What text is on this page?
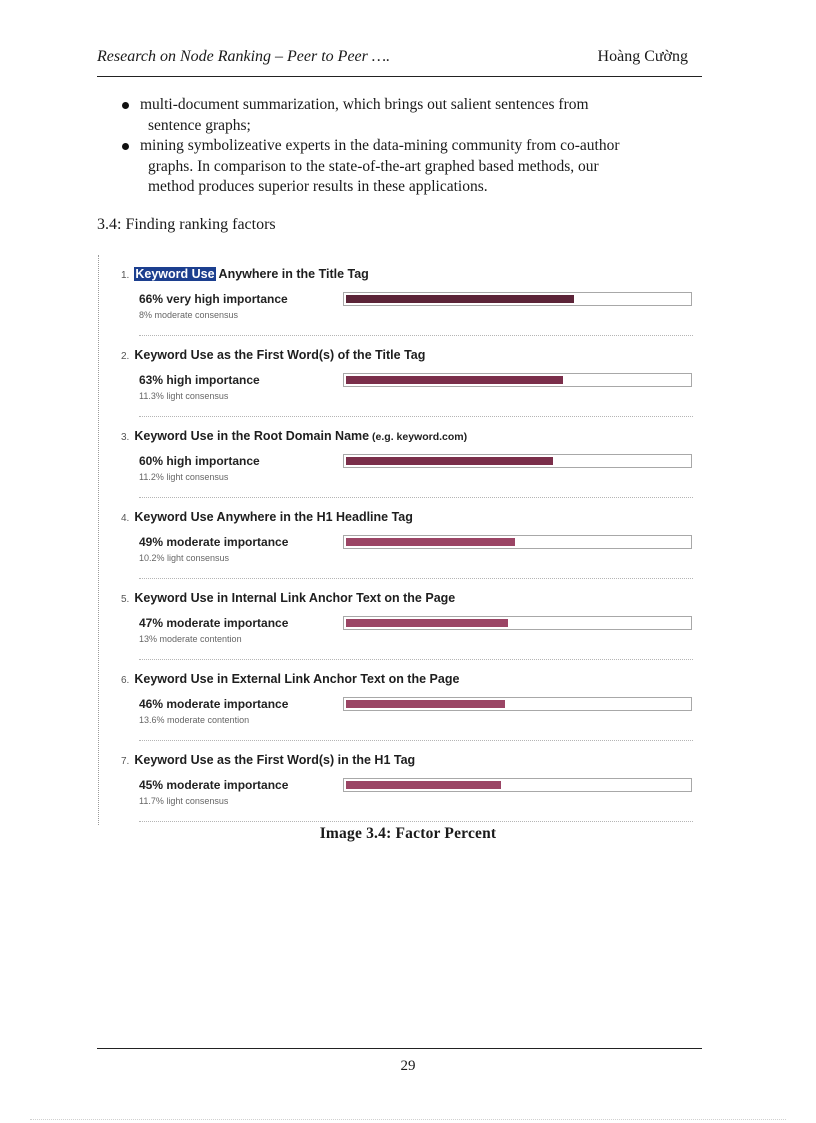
Research on Node Ranking – Peer to Peer ….	Hoàng Cường
multi-document summarization, which brings out salient sentences from
sentence graphs;
mining symbolizeative experts in the data-mining community from co-author
graphs. In comparison to the state-of-the-art graphed based methods, our
method produces superior results in these applications.
3.4: Finding ranking factors
1. Keyword Use Anywhere in the Title Tag
66% very high importance
8% moderate consensus
2. Keyword Use as the First Word(s) of the Title Tag
63% high importance
11.3% light consensus
3. Keyword Use in the Root Domain Name (e.g. keyword.com)
60% high importance
11.2% light consensus
4. Keyword Use Anywhere in the H1 Headline Tag
49% moderate importance
10.2% light consensus
5. Keyword Use in Internal Link Anchor Text on the Page
47% moderate importance
13% moderate contention
6. Keyword Use in External Link Anchor Text on the Page
46% moderate importance
13.6% moderate contention
7. Keyword Use as the First Word(s) in the H1 Tag
45% moderate importance
11.7% light consensus
Image 3.4: Factor Percent
29
